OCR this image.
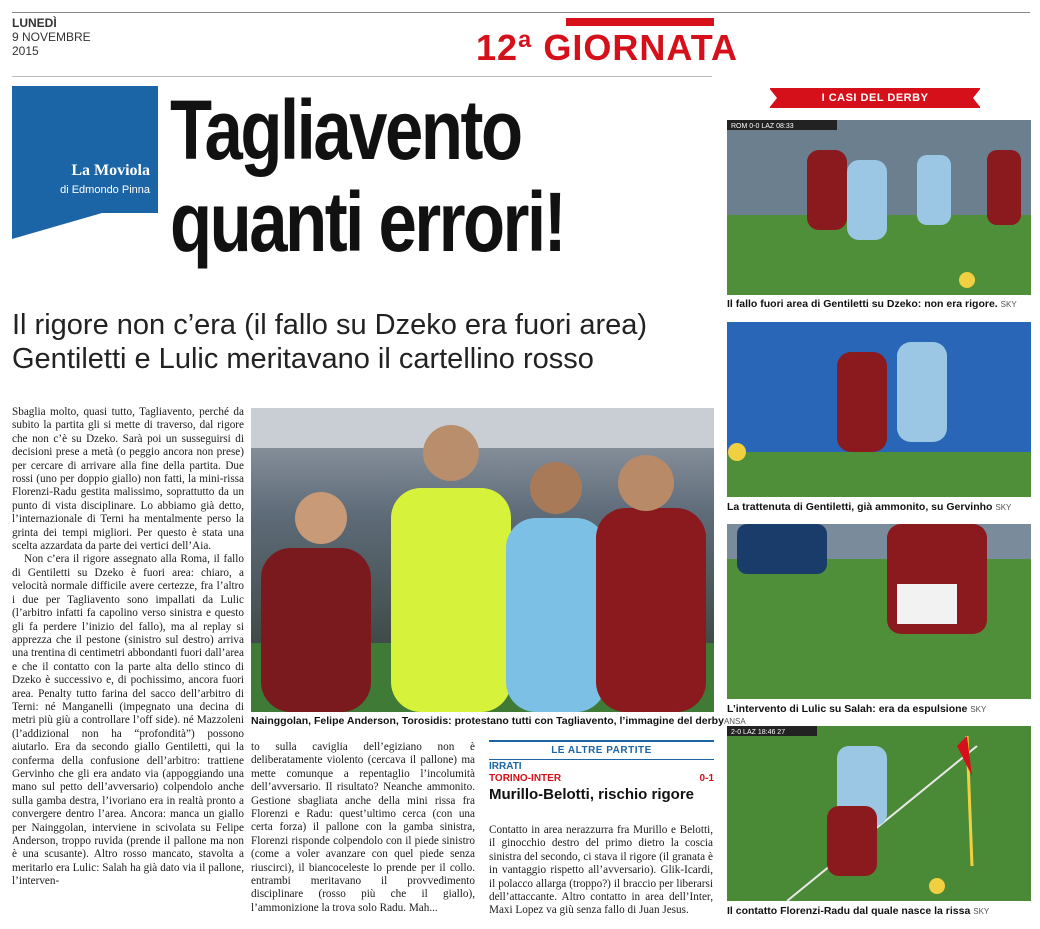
LUNEDÌ
9 NOVEMBRE
2015	12ª GIORNATA
La Moviola
di Edmondo Pinna
Tagliavento
quanti errori!
Il rigore non c’era (il fallo su Dzeko era fuori area)
Gentiletti e Lulic meritavano il cartellino rosso

Sbaglia molto, quasi tutto, Tagliavento, perché da subito la partita gli si mette di traverso, dal rigore che non c’è su Dzeko. Sarà poi un susseguirsi di decisioni prese a metà (o peggio ancora non prese) per cercare di arrivare alla fine della partita. Due rossi (uno per doppio giallo) non fatti, la mini-rissa Florenzi-Radu gestita malissimo, soprattutto da un punto di vista disciplinare. Lo abbiamo già detto, l’internazionale di Terni ha mentalmente perso la grinta dei tempi migliori. Per questo è stata una scelta azzardata da parte dei vertici dell’Aia.

Non c’era il rigore assegnato alla Roma, il fallo di Gentiletti su Dzeko è fuori area: chiaro, a velocità normale difficile avere certezze, fra l’altro i due per Tagliavento sono impallati da Lulic (l’arbitro infatti fa capolino verso sinistra e questo gli fa perdere l’inizio del fallo), ma al replay si apprezza che il pestone (sinistro sul destro) arriva una trentina di centimetri abbondanti fuori dall’area e che il contatto con la parte alta dello stinco di Dzeko è successivo e, di pochissimo, ancora fuori area. Penalty tutto farina del sacco dell’arbitro di Terni: né Manganelli (impegnato una decina di metri più giù a controllare l’off side). né Mazzoleni (l’addizional non ha “profondità”) possono aiutarlo. Era da secondo giallo Gentiletti, qui la conferma della confusione dell’arbitro: trattiene Gervinho che gli era andato via (appoggiando una mano sul petto dell’avversario) colpendolo anche sulla gamba destra, l’ivoriano era in realtà pronto a convergere dentro l’area. Ancora: manca un giallo per Nainggolan, interviene in scivolata su Felipe Anderson, troppo ruvida (prende il pallone ma non è una scusante). Altro rosso mancato, stavolta a meritarlo era Lulic: Salah ha già dato via il pallone, l’interven-

Nainggolan, Felipe Anderson, Torosidis: protestano tutti con Tagliavento, l’immagine del derbyANSA

to sulla caviglia dell’egiziano non è deliberatamente violento (cercava il pallone) ma mette comunque a repentaglio l’incolumità dell’avversario. Il risultato? Neanche ammonito. Gestione sbagliata anche della mini rissa fra Florenzi e Radu: quest’ultimo cerca (con una certa forza) il pallone con la gamba sinistra, Florenzi risponde colpendolo con il piede sinistro (come a voler avanzare con quel piede senza riuscirci), il biancoceleste lo prende per il collo. entrambi meritavano il provvedimento disciplinare (rosso più che il giallo), l’ammonizione la trova solo Radu. Mah...

LE ALTRE PARTITE
IRRATI
TORINO-INTER	0-1
Murillo-Belotti, rischio rigore

Contatto in area nerazzurra fra Murillo e Belotti, il ginocchio destro del primo dietro la coscia sinistra del secondo, ci stava il rigore (il granata è in vantaggio rispetto all’avversario). Glik-Icardi, il polacco allarga (troppo?) il braccio per liberarsi dell’attaccante. Altro contatto in area dell’Inter, Maxi Lopez va giù senza fallo di Juan Jesus.

I CASI DEL DERBY
ROM 0-0 LAZ 08:33
Il fallo fuori area di Gentiletti su Dzeko: non era rigore. SKY
La trattenuta di Gentiletti, già ammonito, su Gervinho SKY
L’intervento di Lulic su Salah: era da espulsione SKY
2-0 LAZ 18:46 27
Il contatto Florenzi-Radu dal quale nasce la rissa SKY
